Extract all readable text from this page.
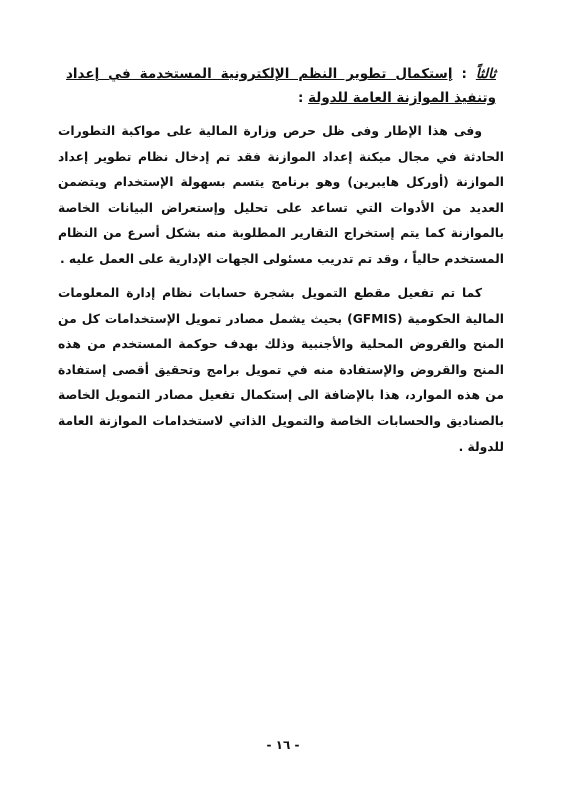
ثالثاً : إستكمال تطوير النظم الإلكترونية المستخدمة في إعداد وتنفيذ الموازنة العامة للدولة :

وفى هذا الإطار وفى ظل حرص وزارة المالية على مواكبة التطورات الحادثة في مجال ميكنة إعداد الموازنة فقد تم إدخال نظام تطوير إعداد الموازنة (أوركل هايبرين) وهو برنامج يتسم بسهولة الإستخدام ويتضمن العديد من الأدوات التي تساعد على تحليل وإستعراض البيانات الخاصة بالموازنة كما يتم إستخراج التقارير المطلوبة منه بشكل أسرع من النظام المستخدم حالياً ، وقد تم تدريب مسئولى الجهات الإدارية على العمل عليه .

كما تم تفعيل مقطع التمويل بشجرة حسابات نظام إدارة المعلومات المالية الحكومية (GFMIS) بحيث يشمل مصادر تمويل الإستخدامات كل من المنح والقروض المحلية والأجنبية وذلك بهدف حوكمة المستخدم من هذه المنح والقروض والإستفادة منه في تمويل برامج وتحقيق أقصى إستفادة من هذه الموارد، هذا بالإضافة الى إستكمال تفعيل مصادر التمويل الخاصة بالصناديق والحسابات الخاصة والتمويل الذاتي لاستخدامات الموازنة العامة للدولة .

- ١٦ -
